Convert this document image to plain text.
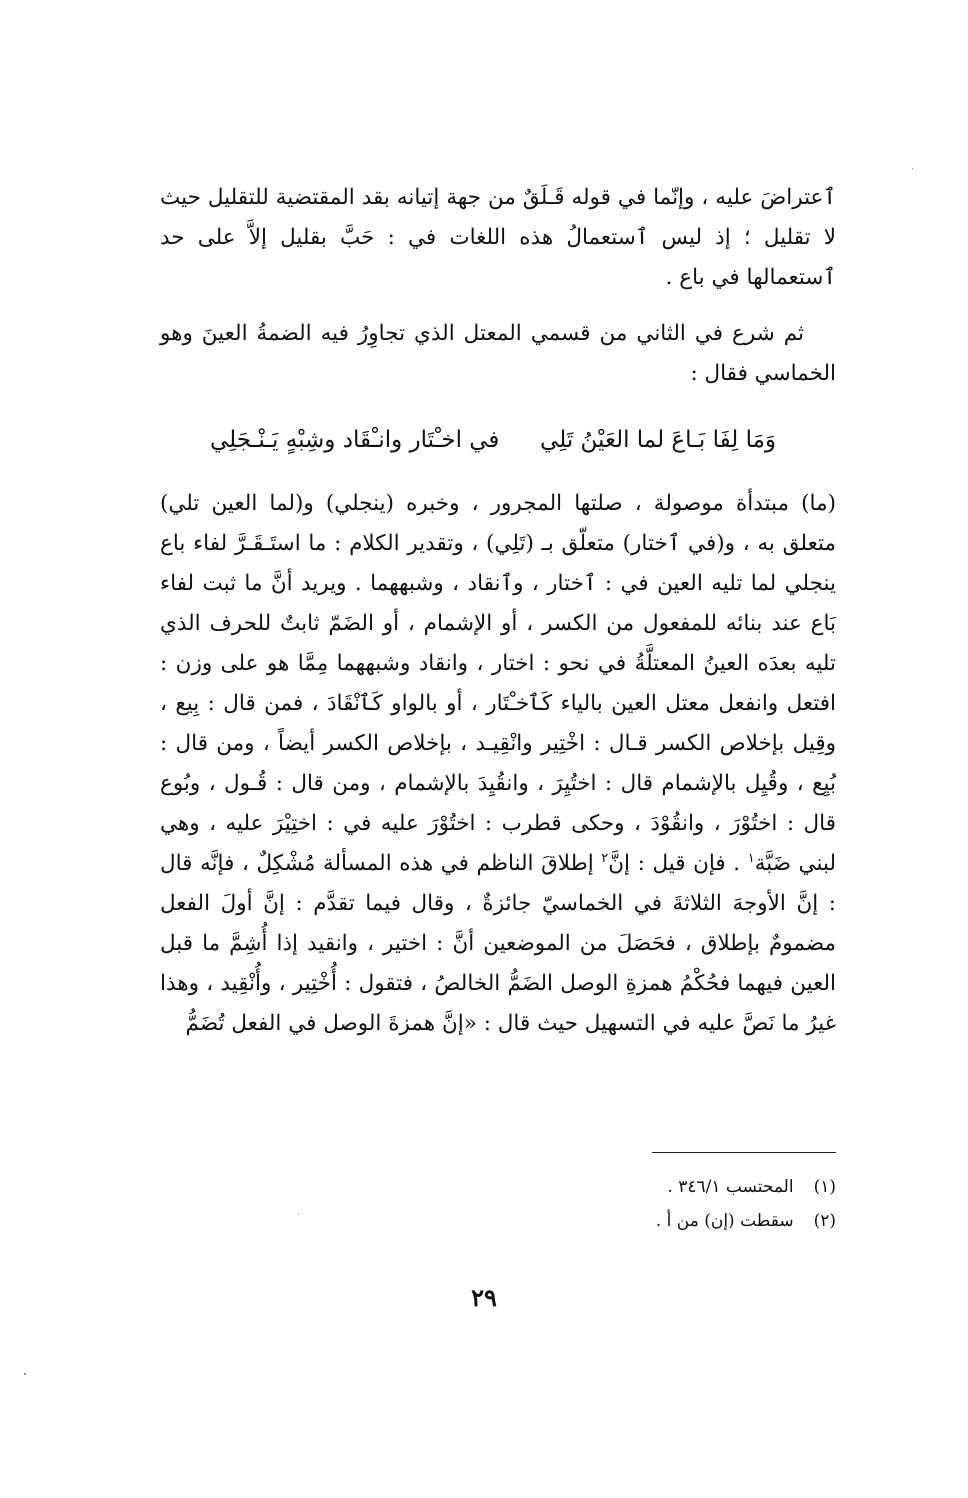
ٱعتراضَ عليه ، وإنّما في قوله قَـلَقٌ من جهة إتيانه بقد المقتضية للتقليل حيث لا تقليل ؛ إذ ليس ٱستعمالُ هذه اللغات في : حَبَّ بقليل إلاَّ على حد ٱستعمالها في باع .

ثم شرع في الثاني من قسمي المعتل الذي تجاوِرُ فيه الضمةُ العينَ وهو الخماسي فقال :

وَمَا لِفَا بَـاعَ لما العَيْنُ تَلِي
في اخـْتَار وانـْقَاد وشِبْهٍ يَـنْـجَلِي

(ما) مبتدأة موصولة ، صلتها المجرور ، وخبره (ينجلي) و(لما العين تلي) متعلق به ، و(في ٱختار) متعلّق بـ (تَلِي) ، وتقدير الكلام : ما استَـقَـرَّ لفاء باع ينجلي لما تليه العين في : ٱختار ، وٱنقاد ، وشبههما . ويريد أنَّ ما ثبت لفاء بَاع عند بنائه للمفعول من الكسر ، أو الإشمام ، أو الضَمّ ثابتٌ للحرف الذي تليه بعدَه العينُ المعتلَّةُ في نحو : اختار ، وانقاد وشبههما مِمَّا هو على وزن : افتعل وانفعل معتل العين بالياء كَٱخـْتَار ، أو بالواو كَٱنْقَادَ ، فمن قال : بِيع ، وقِيل بإخلاص الكسر قـال : اخْتِير وانْقِيـد ، بإخلاص الكسر أيضاً ، ومن قال : بُيِع ، وقُيِل بالإشمام قال : اختُيِرَ ، وانقُيِدَ بالإشمام ، ومن قال : قُـول ، وبُوع قال : اختُوْرَ ، وانقُوْدَ ، وحكى قطرب : اختُوْرَ عليه في : اختِيْرَ عليه ، وهي لبني ضَبَّة$^١$ . فإن قيل : إنَّ$^٢$ إطلاقَ الناظم في هذه المسألة مُشْكِلٌ ، فإنَّه قال : إنَّ الأوجهَ الثلاثةَ في الخماسيّ جائزةٌ ، وقال فيما تقدَّم : إنَّ أولَ الفعل مضمومٌ بإطلاق ، فحَصَلَ من الموضعين أنَّ : اختير ، وانقيد إذا أُشِمَّ ما قبل العين فيهما فحُكْمُ همزةِ الوصل الضَمُّ الخالصُ ، فتقول : أُخْتِير ، وأُنْقِيد ، وهذا غيرُ ما نَصَّ عليه في التسهيل حيث قال : «إنَّ همزةَ الوصل في الفعل تُضَمُّ

(١)
المحتسب ٣٤٦/١ .
(٢)
سقطت (إن) من أ .
٢٩
